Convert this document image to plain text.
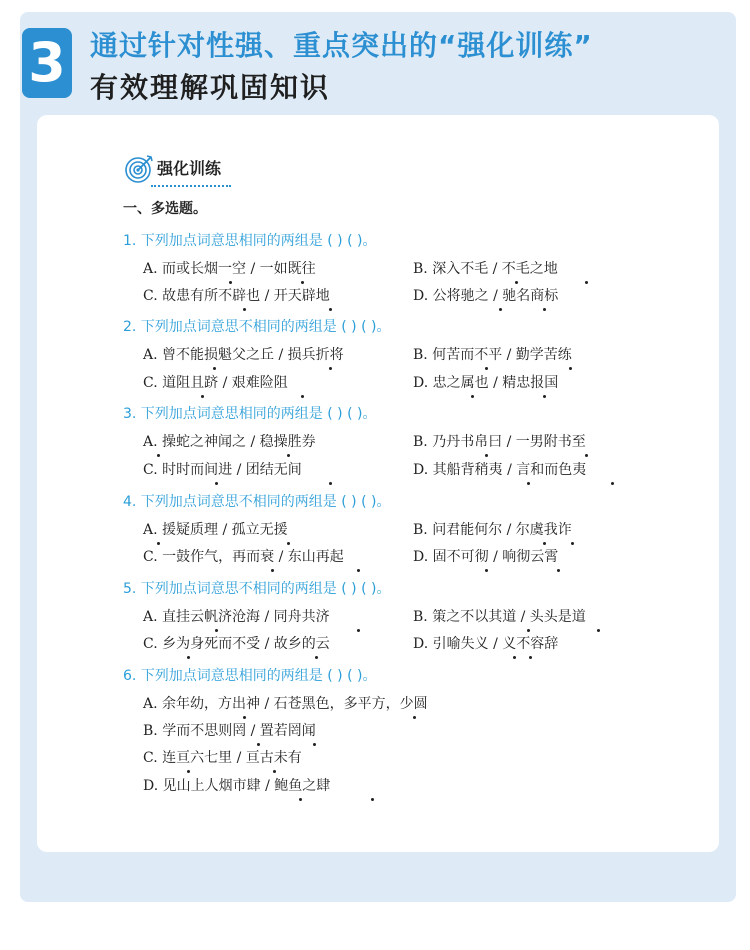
3 通过针对性强、重点突出的“强化训练”
有效理解巩固知识
强化训练
一、多选题。
1. 下列加点词意思相同的两组是 ( ) ( )。
A. 而或长烟一空 / 一如既往	B. 深入不毛 / 不毛之地
C. 故患有所不辟也 / 开天辟地	D. 公将驰之 / 驰名商标
2. 下列加点词意思不相同的两组是 ( ) ( )。
A. 曾不能损魁父之丘 / 损兵折将	B. 何苦而不平 / 勤学苦练
C. 道阻且跻 / 艰难险阻	D. 忠之属也 / 精忠报国
3. 下列加点词意思相同的两组是 ( ) ( )。
A. 操蛇之神闻之 / 稳操胜券	B. 乃丹书帛曰 / 一男附书至
C. 时时而间进 / 团结无间	D. 其船背稍夷 / 言和而色夷
4. 下列加点词意思不相同的两组是 ( ) ( )。
A. 援疑质理 / 孤立无援	B. 问君能何尔 / 尔虞我诈
C. 一鼓作气，再而衰 / 东山再起	D. 固不可彻 / 响彻云霄
5. 下列加点词意思不相同的两组是 ( ) ( )。
A. 直挂云帆济沧海 / 同舟共济	B. 策之不以其道 / 头头是道
C. 乡为身死而不受 / 故乡的云	D. 引喻失义 / 义不容辞
6. 下列加点词意思相同的两组是 ( ) ( )。
A. 余年幼，方出神 / 石苍黑色，多平方，少圆
B. 学而不思则罔 / 置若罔闻
C. 连亘六七里 / 亘古未有
D. 见山上人烟市肆 / 鲍鱼之肆
